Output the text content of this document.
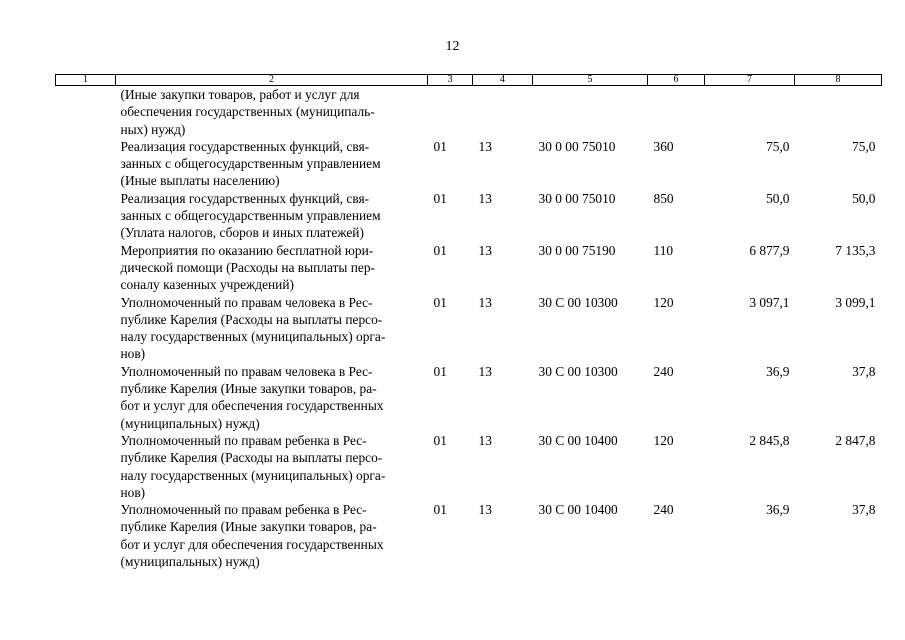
12
1	2	3	4	5	6	7	8

	(Иные закупки товаров, работ и услуг для
обеспечения государственных (муниципаль-
ных) нужд)						

	Реализация государственных функций, свя-
занных с общегосударственным управлением
(Иные выплаты населению)	01	13	30 0 00 75010	360	75,0	75,0

	Реализация государственных функций, свя-
занных с общегосударственным управлением
(Уплата налогов, сборов и иных платежей)	01	13	30 0 00 75010	850	50,0	50,0

	Мероприятия по оказанию бесплатной юри-
дической помощи (Расходы на выплаты пер-
соналу казенных учреждений)	01	13	30 0 00 75190	110	6 877,9	7 135,3

	Уполномоченный по правам человека в Рес-
публике Карелия (Расходы на выплаты персо-
налу государственных (муниципальных) орга-
нов)	01	13	30 С 00 10300	120	3 097,1	3 099,1

	Уполномоченный по правам человека в Рес-
публике Карелия (Иные закупки товаров, ра-
бот и услуг для обеспечения государственных
(муниципальных) нужд)	01	13	30 С 00 10300	240	36,9	37,8

	Уполномоченный по правам ребенка в Рес-
публике Карелия (Расходы на выплаты персо-
налу государственных (муниципальных) орга-
нов)	01	13	30 С 00 10400	120	2 845,8	2 847,8

	Уполномоченный по правам ребенка в Рес-
публике Карелия (Иные закупки товаров, ра-
бот и услуг для обеспечения государственных
(муниципальных) нужд)	01	13	30 С 00 10400	240	36,9	37,8
